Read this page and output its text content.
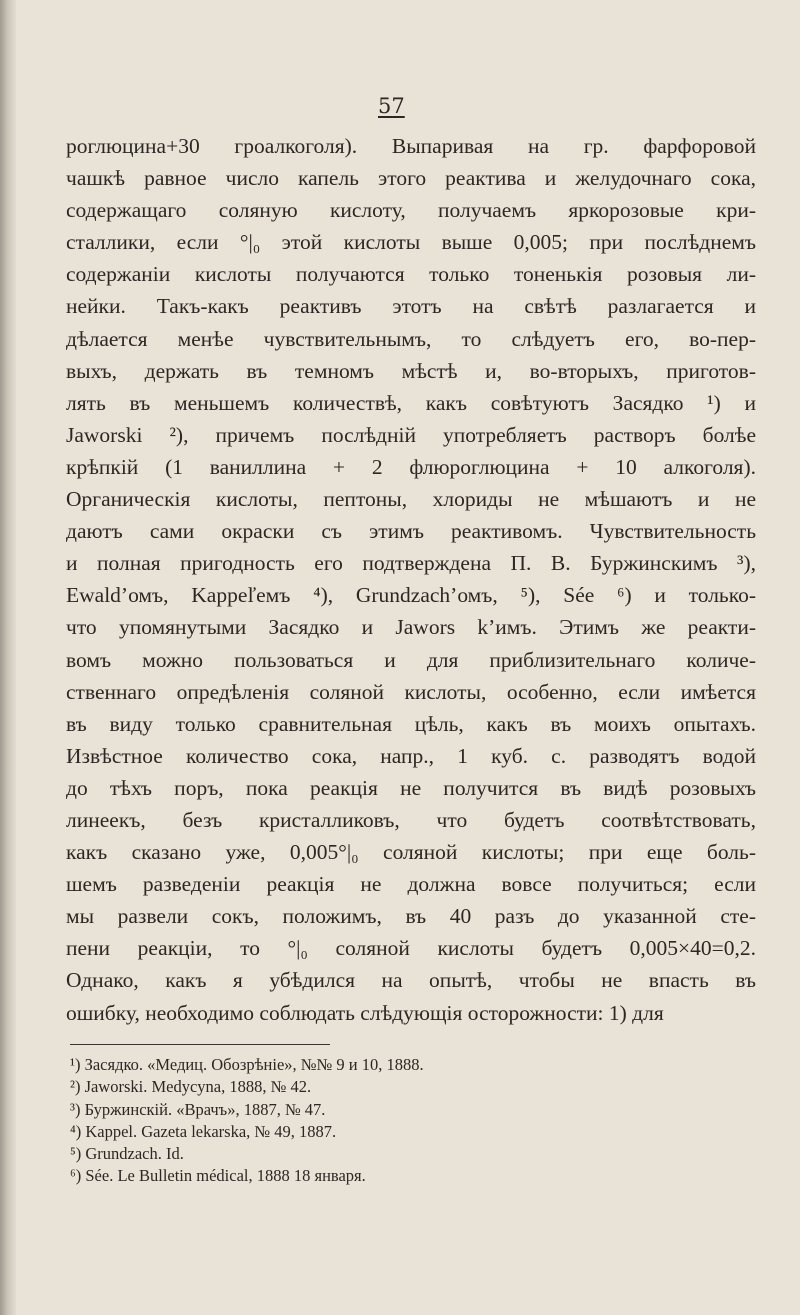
57
роглюцина+30 гроалкоголя). Выпаривая на гр. фарфоровой
чашкѣ равное число капель этого реактива и желудочнаго сока,
содержащаго соляную кислоту, получаемъ яркорозовые кри-
сталлики, если °|₀ этой кислоты выше 0,005; при послѣднемъ
содержаніи кислоты получаются только тоненькія розовыя ли-
нейки. Такъ-какъ реактивъ этотъ на свѣтѣ разлагается и
дѣлается менѣе чувствительнымъ, то слѣдуетъ его, во-пер-
выхъ, держать въ темномъ мѣстѣ и, во-вторыхъ, приготов-
лять въ меньшемъ количествѣ, какъ совѣтуютъ Засядко ¹) и
Jaworski ²), причемъ послѣдній употребляетъ растворъ болѣе
крѣпкій (1 ваниллина + 2 флюроглюцина + 10 алкоголя).
Органическія кислоты, пептоны, хлориды не мѣшаютъ и не
даютъ сами окраски съ этимъ реактивомъ. Чувствительность
и полная пригодность его подтверждена П. В. Буржинскимъ ³),
Ewald’омъ, Kappeľемъ ⁴), Grundzach’омъ, ⁵), Sée ⁶) и только-
что упомянутыми Засядко и Jawors k’имъ. Этимъ же реакти-
вомъ можно пользоваться и для приблизительнаго количе-
ственнаго опредѣленія соляной кислоты, особенно, если имѣется
въ виду только сравнительная цѣль, какъ въ моихъ опытахъ.
Извѣстное количество сока, напр., 1 куб. с. разводятъ водой
до тѣхъ поръ, пока реакція не получится въ видѣ розовыхъ
линеекъ, безъ кристалликовъ, что будетъ соотвѣтствовать,
какъ сказано уже, 0,005°|₀ соляной кислоты; при еще боль-
шемъ разведеніи реакція не должна вовсе получиться; если
мы развели сокъ, положимъ, въ 40 разъ до указанной сте-
пени реакціи, то °|₀ соляной кислоты будетъ 0,005×40=0,2.
Однако, какъ я убѣдился на опытѣ, чтобы не впасть въ
ошибку, необходимо соблюдать слѣдующія осторожности: 1) для
¹) Засядко. «Медиц. Обозрѣніе», №№ 9 и 10, 1888.
²) Jaworski. Medycyna, 1888, № 42.
³) Буржинскій. «Врачъ», 1887, № 47.
⁴) Kappel. Gazeta lekarska, № 49, 1887.
⁵) Grundzach. Id.
⁶) Sée. Le Bulletin médical, 1888 18 января.
